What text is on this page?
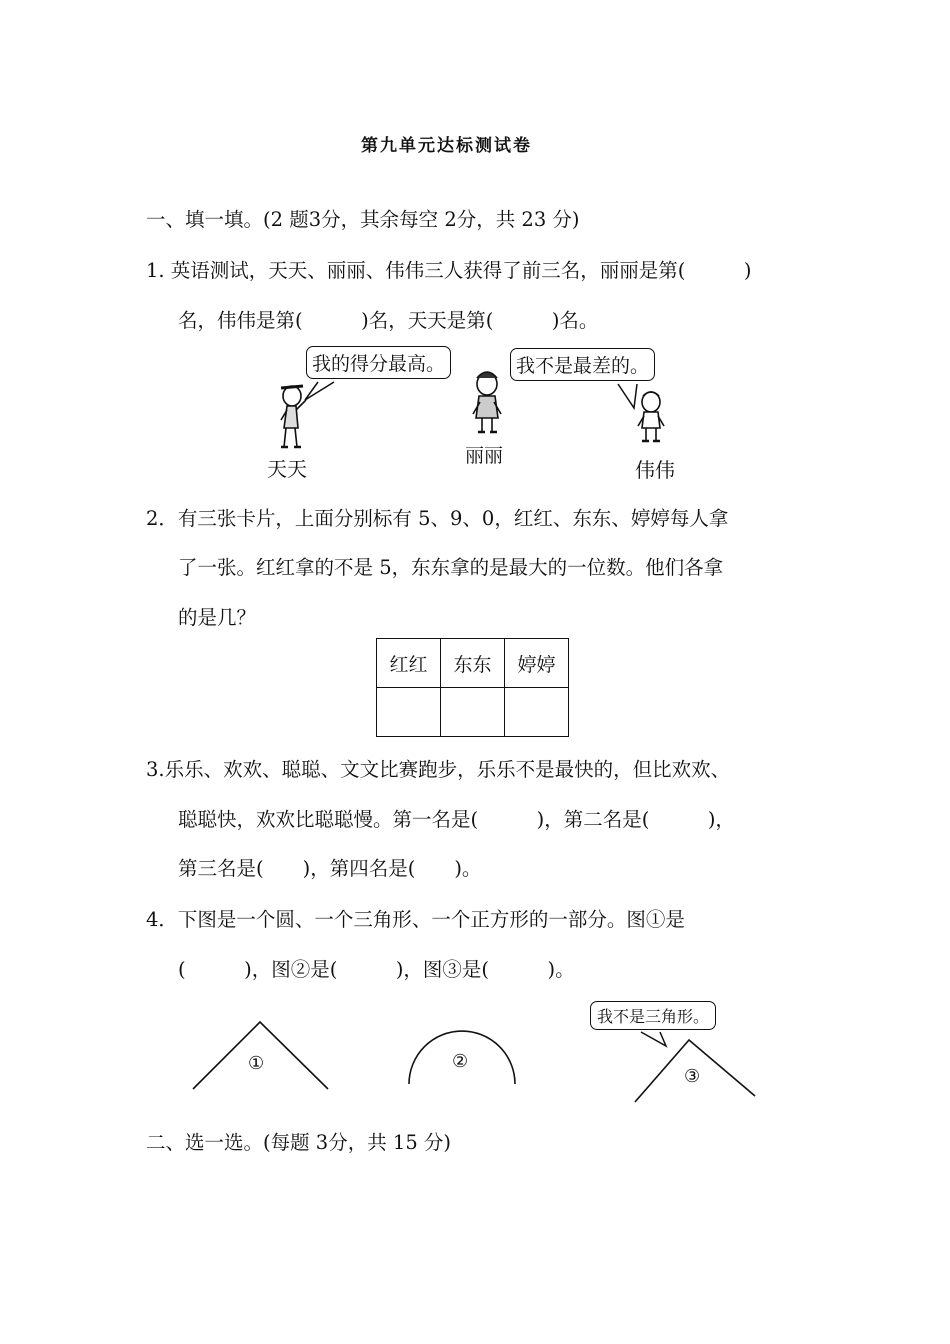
第九单元达标测试卷
一、填一填。(2 题3分，其余每空 2分，共 23 分)
1. 英语测试，天天、丽丽、伟伟三人获得了前三名，丽丽是第(　　　)
名，伟伟是第(　　　)名，天天是第(　　　)名。
我的得分最高。	我不是最差的。
天天
丽丽
伟伟
2．有三张卡片，上面分别标有 5、9、0，红红、东东、婷婷每人拿
了一张。红红拿的不是 5，东东拿的是最大的一位数。他们各拿
的是几？
红红	东东	婷婷

3.乐乐、欢欢、聪聪、文文比赛跑步，乐乐不是最快的，但比欢欢、
聪聪快，欢欢比聪聪慢。第一名是(　　　)，第二名是(　　　)，
第三名是(　　)，第四名是(　　)。
4．下图是一个圆、一个三角形、一个正方形的一部分。图①是
(　　　)，图②是(　　　)，图③是(　　　)。
①	②
③
我不是三角形。
二、选一选。(每题 3分，共 15 分)
